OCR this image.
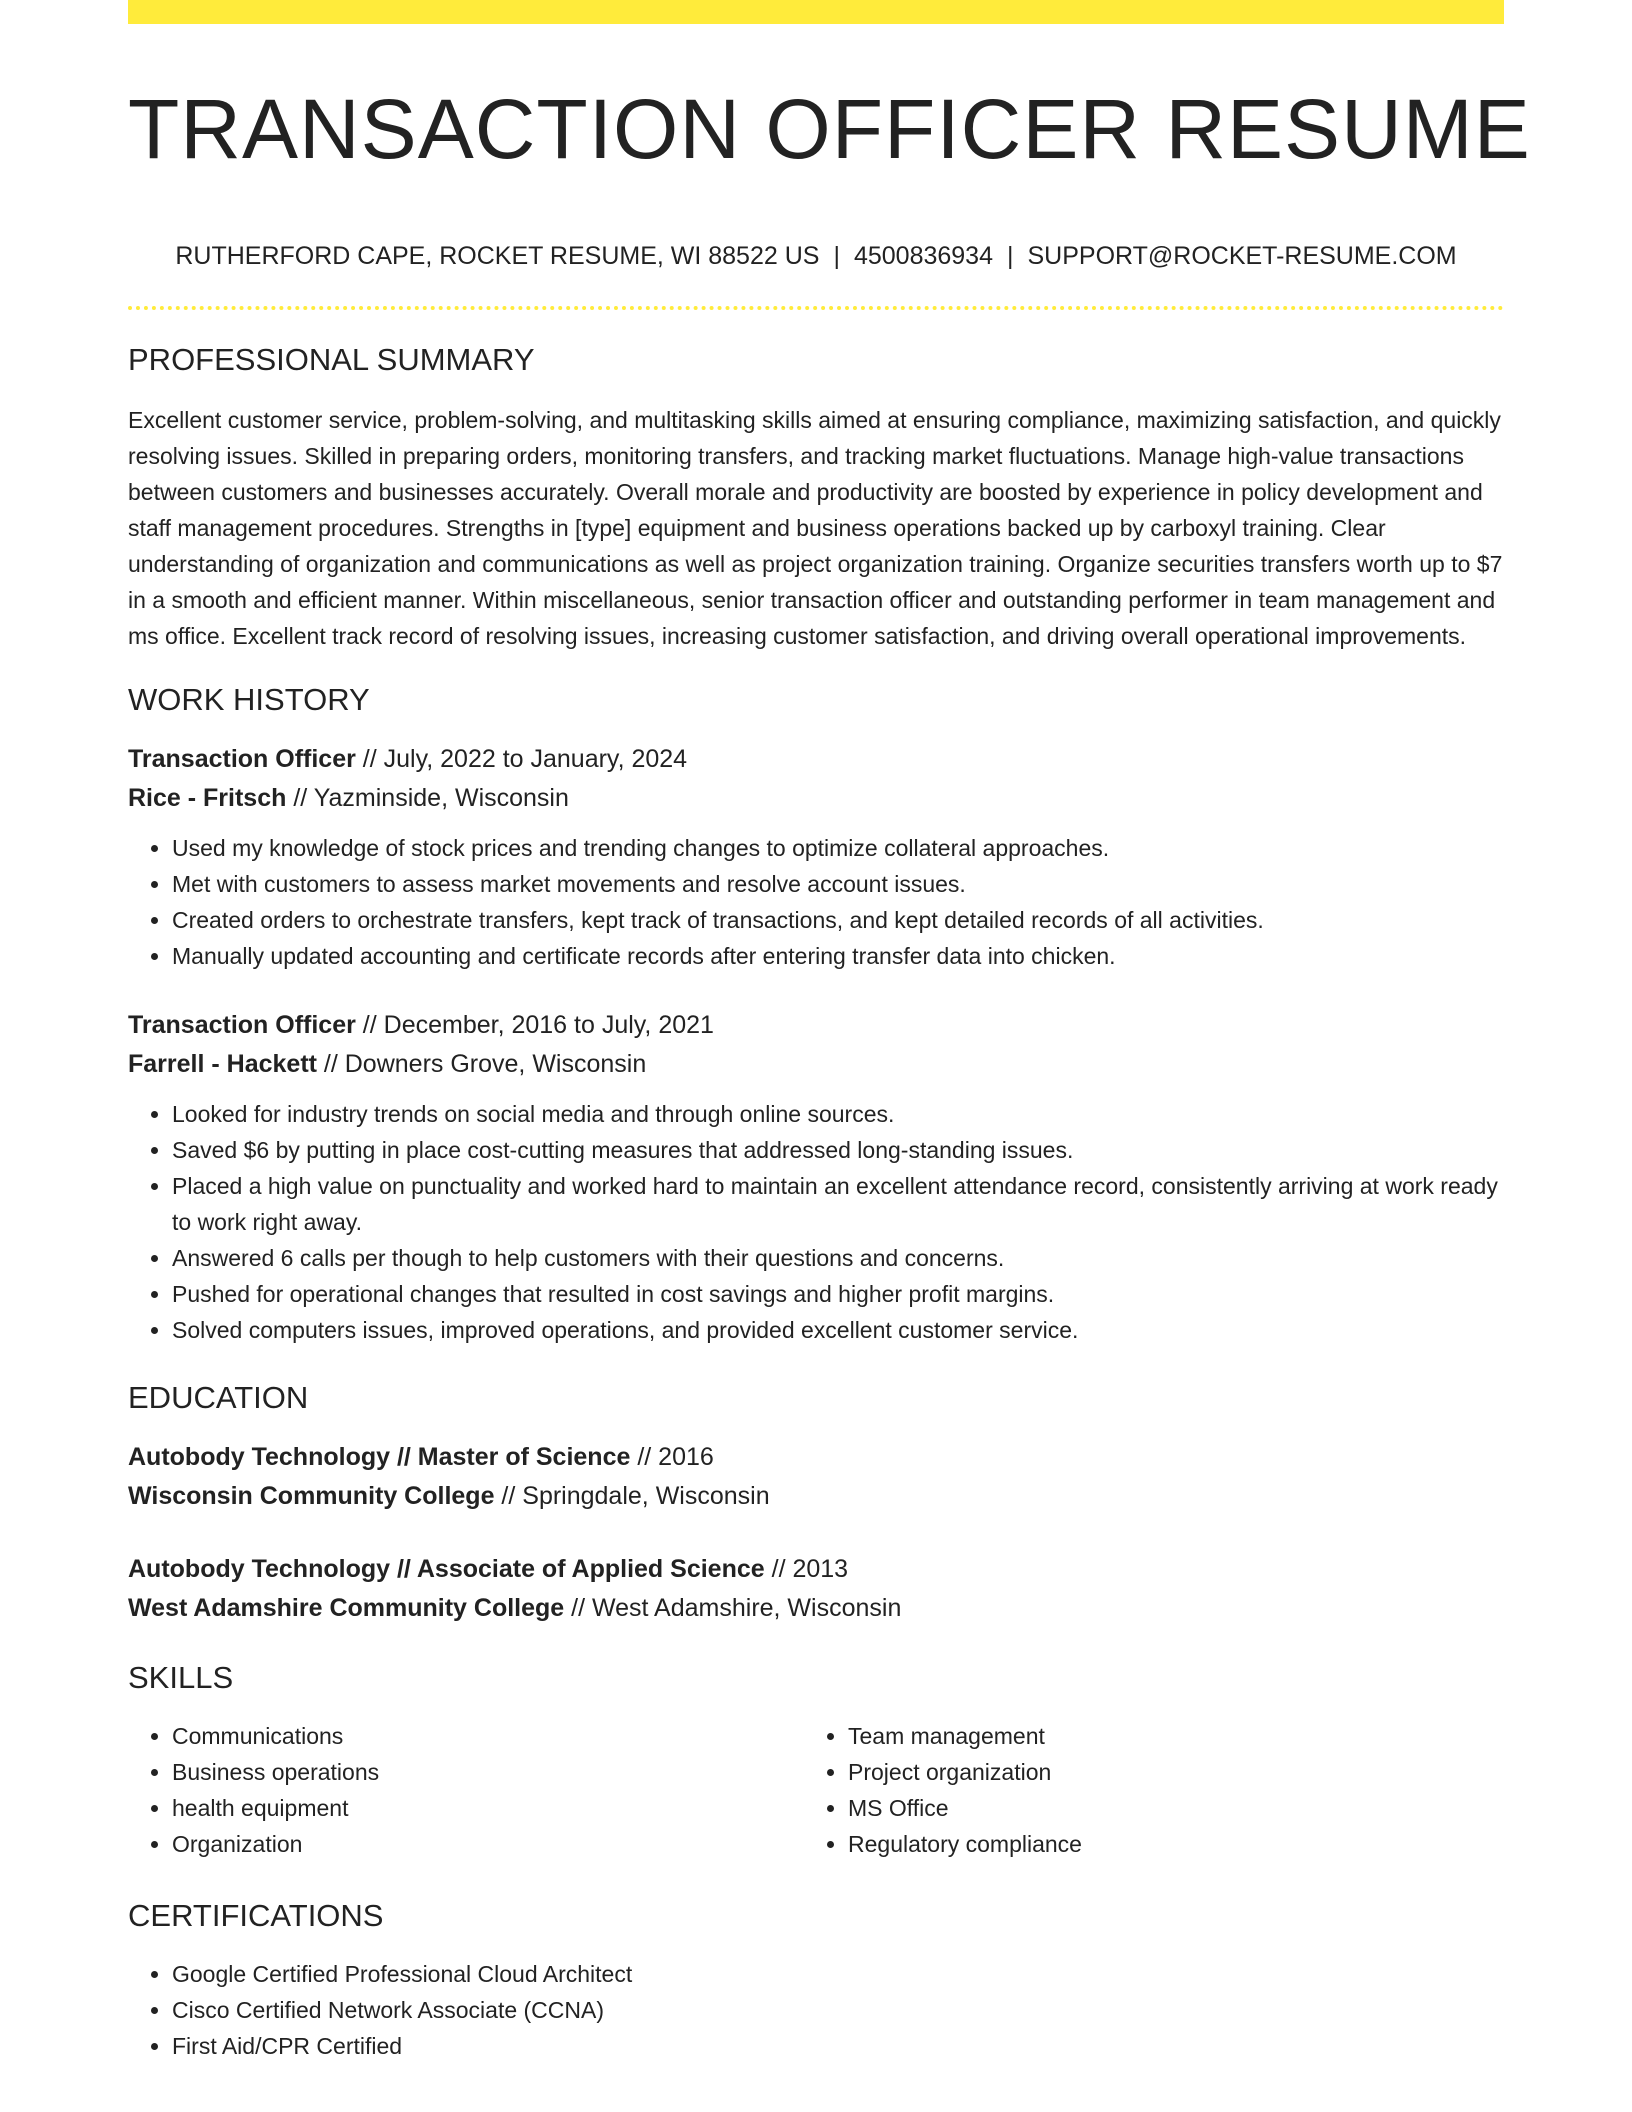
TRANSACTION OFFICER RESUME
RUTHERFORD CAPE, ROCKET RESUME, WI 88522 US | 4500836934 | SUPPORT@ROCKET-RESUME.COM
PROFESSIONAL SUMMARY

Excellent customer service, problem-solving, and multitasking skills aimed at ensuring compliance, maximizing satisfaction, and quickly resolving issues. Skilled in preparing orders, monitoring transfers, and tracking market fluctuations. Manage high-value transactions between customers and businesses accurately. Overall morale and productivity are boosted by experience in policy development and staff management procedures. Strengths in [type] equipment and business operations backed up by carboxyl training. Clear understanding of organization and communications as well as project organization training. Organize securities transfers worth up to $7 in a smooth and efficient manner. Within miscellaneous, senior transaction officer and outstanding performer in team management and ms office. Excellent track record of resolving issues, increasing customer satisfaction, and driving overall operational improvements.

WORK HISTORY

Transaction Officer // July, 2022 to January, 2024

Rice - Fritsch // Yazminside, Wisconsin

• Used my knowledge of stock prices and trending changes to optimize collateral approaches.
• Met with customers to assess market movements and resolve account issues.
• Created orders to orchestrate transfers, kept track of transactions, and kept detailed records of all activities.
• Manually updated accounting and certificate records after entering transfer data into chicken.

Transaction Officer // December, 2016 to July, 2021

Farrell - Hackett // Downers Grove, Wisconsin

• Looked for industry trends on social media and through online sources.
• Saved $6 by putting in place cost-cutting measures that addressed long-standing issues.
• Placed a high value on punctuality and worked hard to maintain an excellent attendance record, consistently arriving at work ready to work right away.
• Answered 6 calls per though to help customers with their questions and concerns.
• Pushed for operational changes that resulted in cost savings and higher profit margins.
• Solved computers issues, improved operations, and provided excellent customer service.
EDUCATION

Autobody Technology // Master of Science // 2016

Wisconsin Community College // Springdale, Wisconsin

Autobody Technology // Associate of Applied Science // 2013

West Adamshire Community College // West Adamshire, Wisconsin

SKILLS
• Communications
• Business operations
• health equipment
• Organization
• Team management
• Project organization
• MS Office
• Regulatory compliance
CERTIFICATIONS
• Google Certified Professional Cloud Architect
• Cisco Certified Network Associate (CCNA)
• First Aid/CPR Certified
